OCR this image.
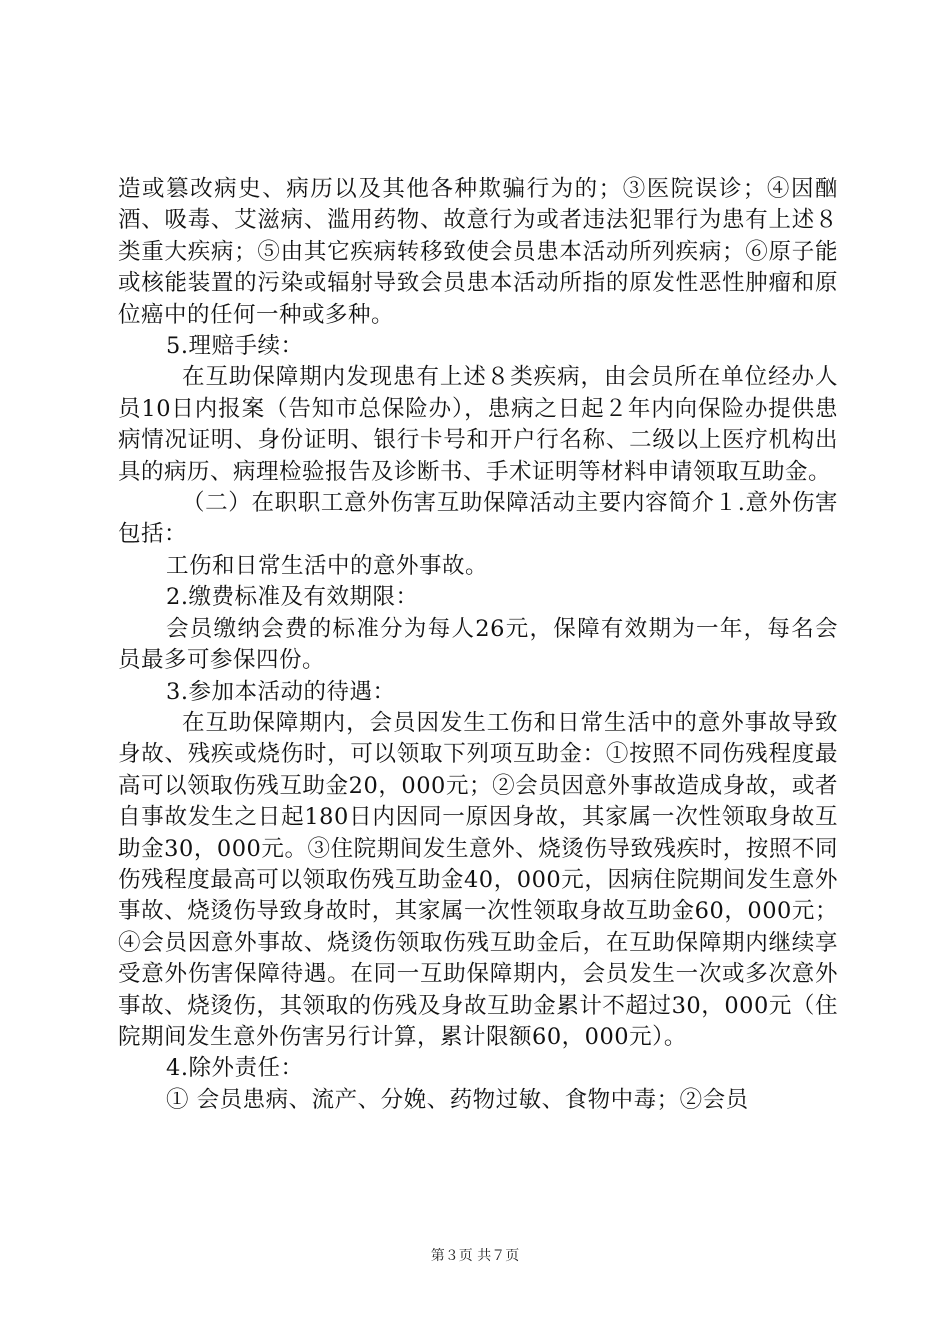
造或篡改病史、病历以及其他各种欺骗行为的；③医院误诊；④因酗酒、吸毒、艾滋病、滥用药物、故意行为或者违法犯罪行为患有上述８类重大疾病；⑤由其它疾病转移致使会员患本活动所列疾病；⑥原子能或核能装置的污染或辐射导致会员患本活动所指的原发性恶性肿瘤和原位癌中的任何一种或多种。

5.理赔手续：

在互助保障期内发现患有上述８类疾病，由会员所在单位经办人员10日内报案（告知市总保险办），患病之日起２年内向保险办提供患病情况证明、身份证明、银行卡号和开户行名称、二级以上医疗机构出具的病历、病理检验报告及诊断书、手术证明等材料申请领取互助金。

（二）在职职工意外伤害互助保障活动主要内容简介１.意外伤害包括：

工伤和日常生活中的意外事故。

2.缴费标准及有效期限：

会员缴纳会费的标准分为每人26元，保障有效期为一年，每名会员最多可参保四份。

3.参加本活动的待遇：

在互助保障期内，会员因发生工伤和日常生活中的意外事故导致身故、残疾或烧伤时，可以领取下列项互助金：①按照不同伤残程度最高可以领取伤残互助金20，000元；②会员因意外事故造成身故，或者自事故发生之日起180日内因同一原因身故，其家属一次性领取身故互助金30，000元。③住院期间发生意外、烧烫伤导致残疾时，按照不同伤残程度最高可以领取伤残互助金40，000元，因病住院期间发生意外事故、烧烫伤导致身故时，其家属一次性领取身故互助金60，000元；④会员因意外事故、烧烫伤领取伤残互助金后，在互助保障期内继续享受意外伤害保障待遇。在同一互助保障期内，会员发生一次或多次意外事故、烧烫伤，其领取的伤残及身故互助金累计不超过30，000元（住院期间发生意外伤害另行计算，累计限额60，000元）。

4.除外责任：

① 会员患病、流产、分娩、药物过敏、食物中毒；②会员

第３页 共７页
